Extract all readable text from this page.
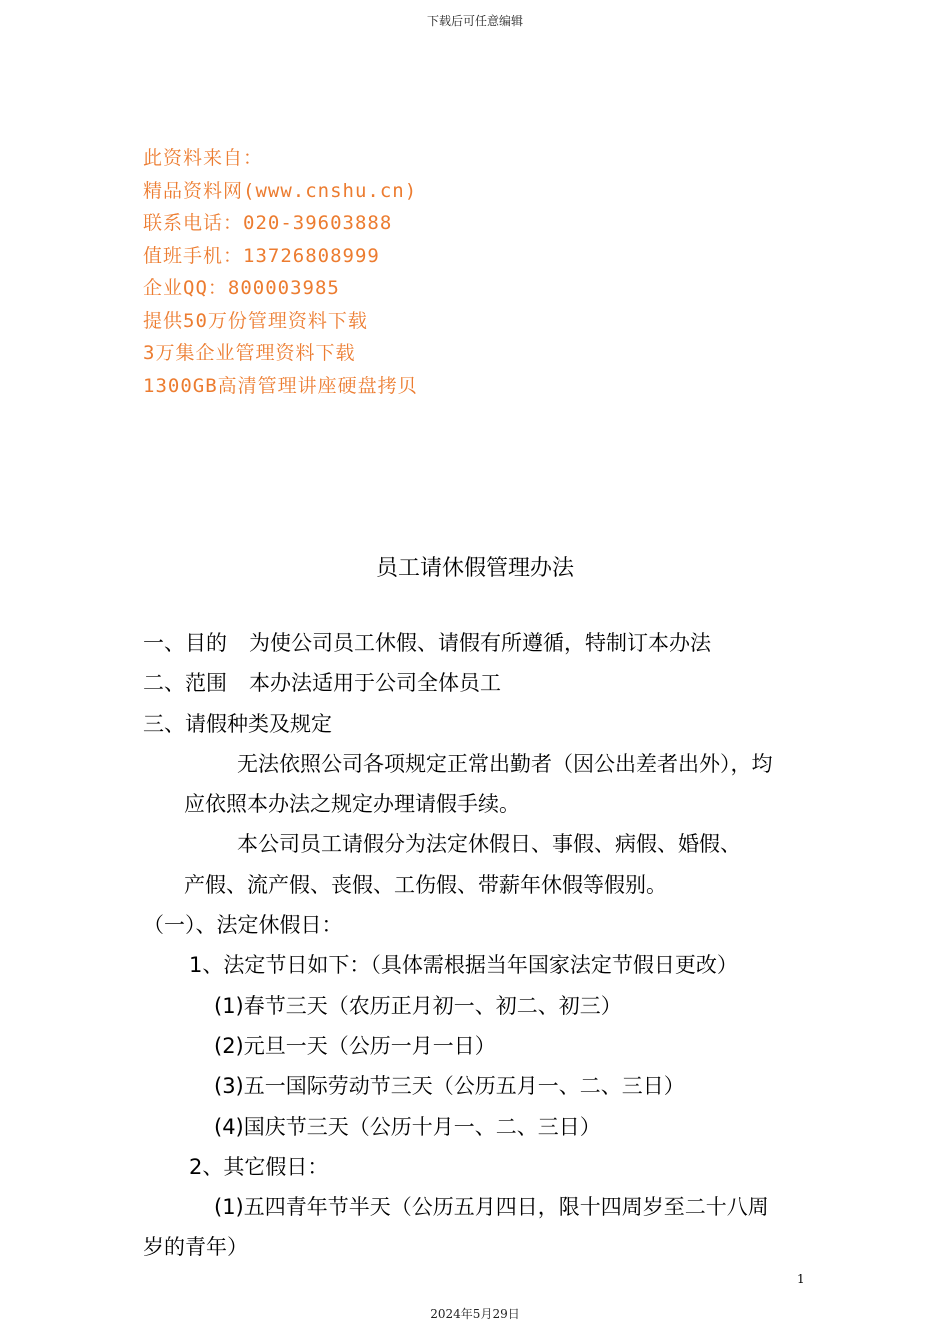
下载后可任意编辑
此资料来自：
精品资料网(www.cnshu.cn)
联系电话：020-39603888
值班手机：13726808999
企业QQ：800003985
提供50万份管理资料下载
3万集企业管理资料下载
1300GB高清管理讲座硬盘拷贝
员工请休假管理办法
一、目的 为使公司员工休假、请假有所遵循，特制订本办法
二、范围 本办法适用于公司全体员工
三、请假种类及规定
无法依照公司各项规定正常出勤者（因公出差者出外），均
应依照本办法之规定办理请假手续。
本公司员工请假分为法定休假日、事假、病假、婚假、
产假、流产假、丧假、工伤假、带薪年休假等假别。
（一）、法定休假日：
1、法定节日如下：（具体需根据当年国家法定节假日更改）
(1)春节三天（农历正月初一、初二、初三）
(2)元旦一天（公历一月一日）
(3)五一国际劳动节三天（公历五月一、二、三日）
(4)国庆节三天（公历十月一、二、三日）
2、其它假日：
(1)五四青年节半天（公历五月四日，限十四周岁至二十八周
岁的青年）
1
2024年5月29日
